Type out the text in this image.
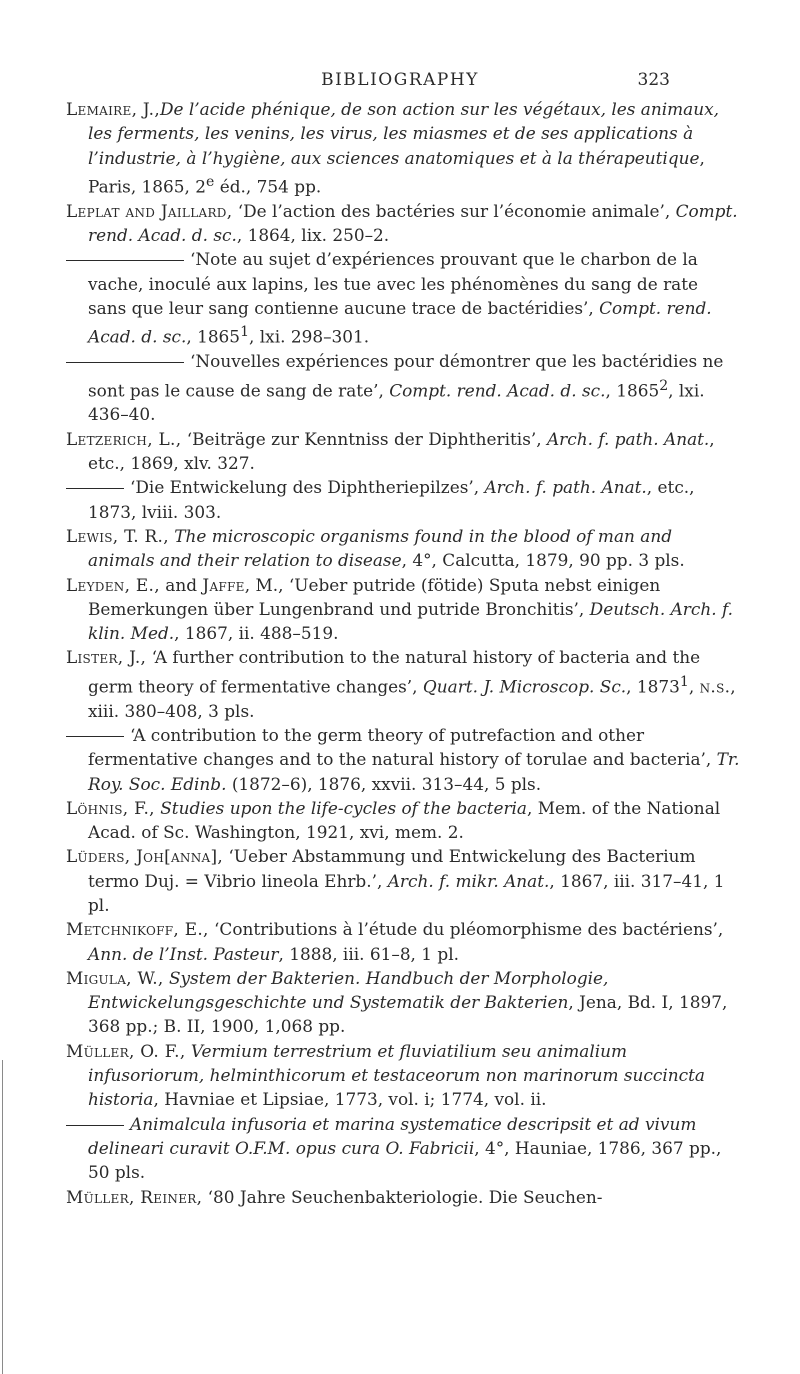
BIBLIOGRAPHY	323

Lemaire, J.,De l’acide phénique, de son action sur les végétaux, les animaux, les ferments, les venins, les virus, les miasmes et de ses applications à l’industrie, à l’hygiène, aux sciences anatomiques et à la thérapeutique, Paris, 1865, 2e éd., 754 pp.

Leplat and Jaillard, ‘De l’action des bactéries sur l’économie animale’, Compt. rend. Acad. d. sc., 1864, lix. 250–2.

‘Note au sujet d’expériences prouvant que le charbon de la vache, inoculé aux lapins, les tue avec les phénomènes du sang de rate sans que leur sang contienne aucune trace de bactéridies’, Compt. rend. Acad. d. sc., 1865$^1$, lxi. 298–301.

‘Nouvelles expériences pour démontrer que les bactéridies ne sont pas le cause de sang de rate’, Compt. rend. Acad. d. sc., 1865$^2$, lxi. 436–40.

Letzerich, L., ‘Beiträge zur Kenntniss der Diphtheritis’, Arch. f. path. Anat., etc., 1869, xlv. 327.

‘Die Entwickelung des Diphtheriepilzes’, Arch. f. path. Anat., etc., 1873, lviii. 303.

Lewis, T. R., The microscopic organisms found in the blood of man and animals and their relation to disease, 4°, Calcutta, 1879, 90 pp. 3 pls.

Leyden, E., and Jaffe, M., ‘Ueber putride (fötide) Sputa nebst einigen Bemerkungen über Lungenbrand und putride Bronchitis’, Deutsch. Arch. f. klin. Med., 1867, ii. 488–519.

Lister, J., ‘A further contribution to the natural history of bacteria and the germ theory of fermentative changes’, Quart. J. Microscop. Sc., 1873$^1$, n.s., xiii. 380–408, 3 pls.

‘A contribution to the germ theory of putrefaction and other fermentative changes and to the natural history of torulae and bacteria’, Tr. Roy. Soc. Edinb. (1872–6), 1876, xxvii. 313–44, 5 pls.

Löhnis, F., Studies upon the life-cycles of the bacteria, Mem. of the National Acad. of Sc. Washington, 1921, xvi, mem. 2.

Lüders, Joh[anna], ‘Ueber Abstammung und Entwickelung des Bacterium termo Duj. = Vibrio lineola Ehrb.’, Arch. f. mikr. Anat., 1867, iii. 317–41, 1 pl.

Metchnikoff, E., ‘Contributions à l’étude du pléomorphisme des bactériens’, Ann. de l’Inst. Pasteur, 1888, iii. 61–8, 1 pl.

Migula, W., System der Bakterien. Handbuch der Morphologie, Entwickelungsgeschichte und Systematik der Bakterien, Jena, Bd. I, 1897, 368 pp.; B. II, 1900, 1,068 pp.

Müller, O. F., Vermium terrestrium et fluviatilium seu animalium infusoriorum, helminthicorum et testaceorum non marinorum succincta historia, Havniae et Lipsiae, 1773, vol. i; 1774, vol. ii.

Animalcula infusoria et marina systematice descripsit et ad vivum delineari curavit O.F.M. opus cura O. Fabricii, 4°, Hauniae, 1786, 367 pp., 50 pls.

Müller, Reiner, ‘80 Jahre Seuchenbakteriologie. Die Seuchen-
